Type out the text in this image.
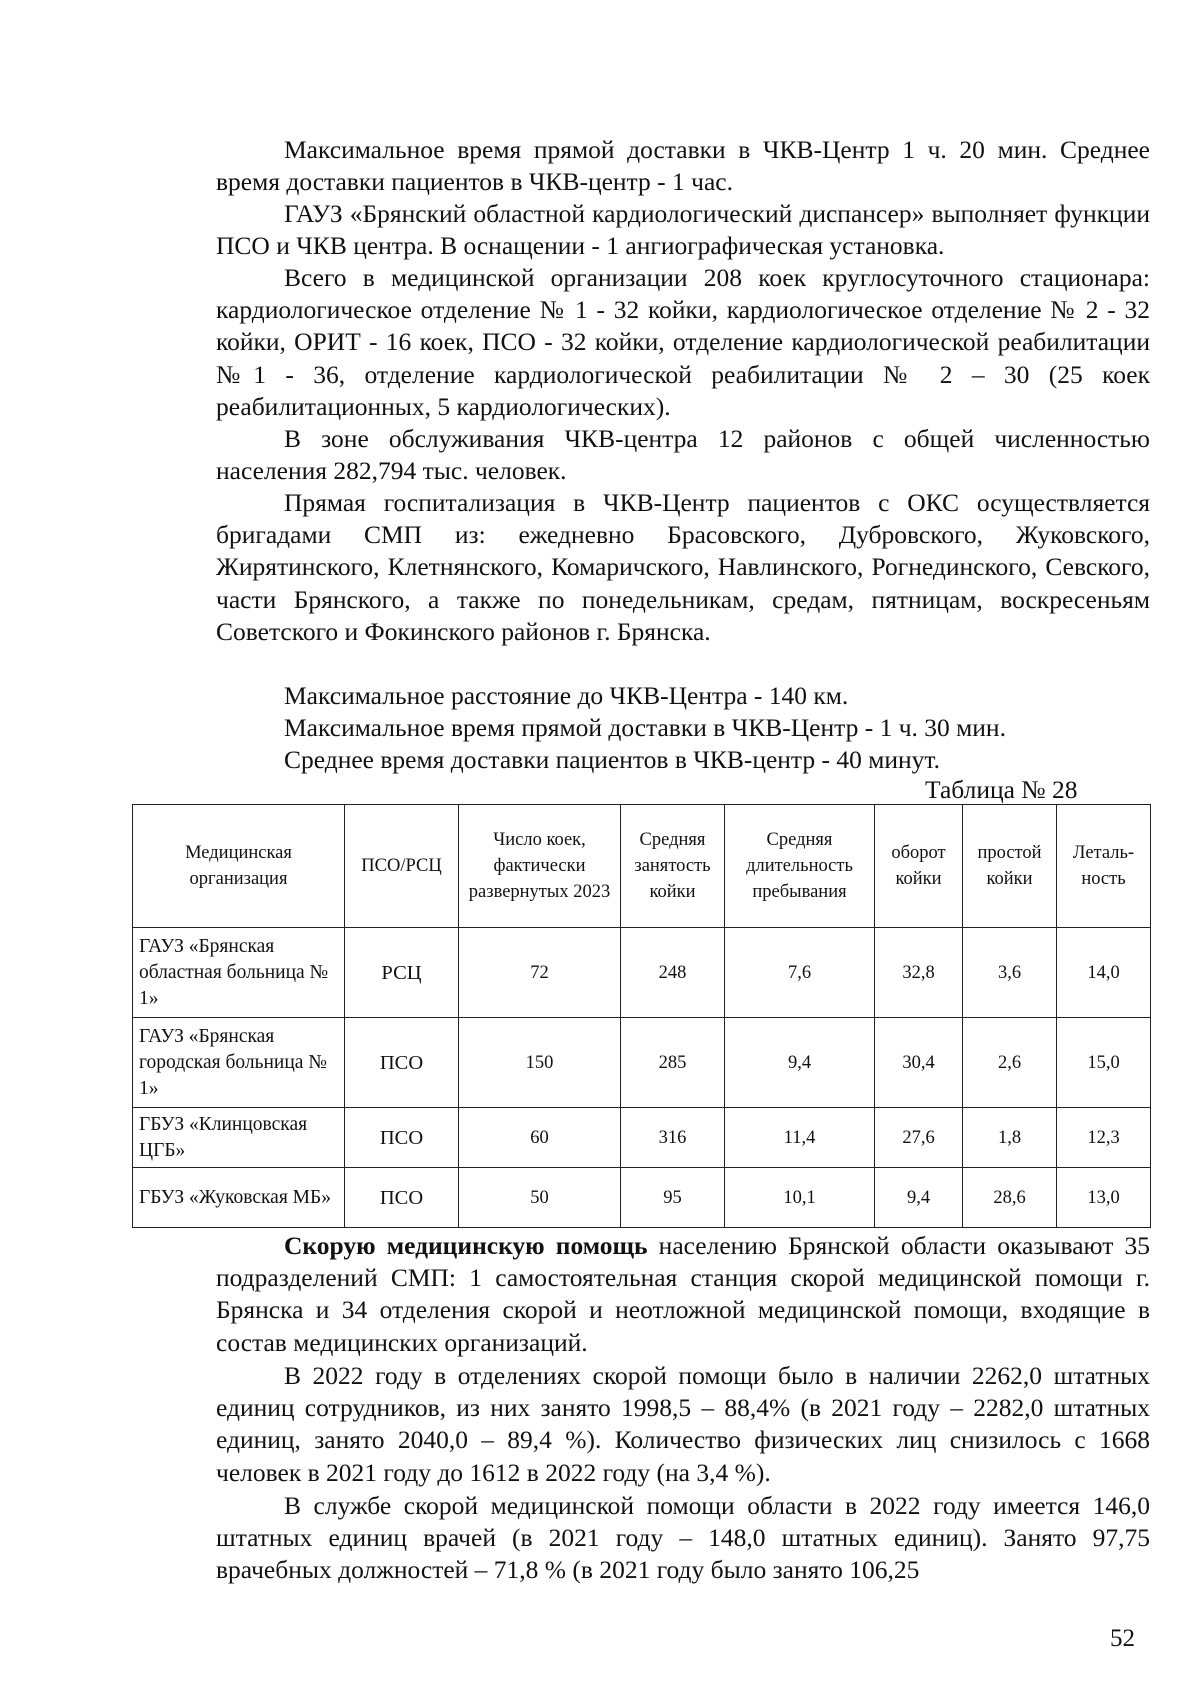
Максимальное время прямой доставки в ЧКВ-Центр 1 ч. 20 мин. Среднее время доставки пациентов в ЧКВ-центр - 1 час.

ГАУЗ «Брянский областной кардиологический диспансер» выполняет функции ПСО и ЧКВ центра. В оснащении - 1 ангиографическая установка.

Всего в медицинской организации 208 коек круглосуточного стационара: кардиологическое отделение № 1 - 32 койки, кардиологическое отделение № 2 - 32 койки, ОРИТ - 16 коек, ПСО - 32 койки, отделение кардиологической реабилитации №1 - 36, отделение кардиологической реабилитации № 2 – 30 (25 коек реабилитационных, 5 кардиологических).

В зоне обслуживания ЧКВ-центра 12 районов с общей численностью населения 282,794 тыс. человек.

Прямая госпитализация в ЧКВ-Центр пациентов с ОКС осуществляется бригадами СМП из: ежедневно Брасовского, Дубровского, Жуковского, Жирятинского, Клетнянского, Комаричского, Навлинского, Рогнединского, Севского, части Брянского, а также по понедельникам, средам, пятницам, воскресеньям Советского и Фокинского районов г. Брянска.

Максимальное расстояние до ЧКВ-Центра - 140 км.
Максимальное время прямой доставки в ЧКВ-Центр - 1 ч. 30 мин.
Среднее время доставки пациентов в ЧКВ-центр - 40 минут.
Таблица № 28
Медицинская организация	ПСО/РСЦ	Число коек, фактически развернутых 2023	Средняя занятость койки	Средняя длительность пребывания	оборот койки	простой койки	Леталь-ность
ГАУЗ «Брянская областная больница № 1»	РСЦ	72	248	7,6	32,8	3,6	14,0
ГАУЗ «Брянская городская больница № 1»	ПСО	150	285	9,4	30,4	2,6	15,0
ГБУЗ «Клинцовская ЦГБ»	ПСО	60	316	11,4	27,6	1,8	12,3
ГБУЗ «Жуковская МБ»	ПСО	50	95	10,1	9,4	28,6	13,0

Скорую медицинскую помощь населению Брянской области оказывают 35 подразделений СМП: 1 самостоятельная станция скорой медицинской помощи г. Брянска и 34 отделения скорой и неотложной медицинской помощи, входящие в состав медицинских организаций.

В 2022 году в отделениях скорой помощи было в наличии 2262,0 штатных единиц сотрудников, из них занято 1998,5 – 88,4% (в 2021 году – 2282,0 штатных единиц, занято 2040,0 – 89,4 %). Количество физических лиц снизилось с 1668 человек в 2021 году до 1612 в 2022 году (на 3,4 %).

В службе скорой медицинской помощи области в 2022 году имеется 146,0 штатных единиц врачей (в 2021 году – 148,0 штатных единиц). Занято 97,75 врачебных должностей – 71,8 % (в 2021 году было занято 106,25

52
